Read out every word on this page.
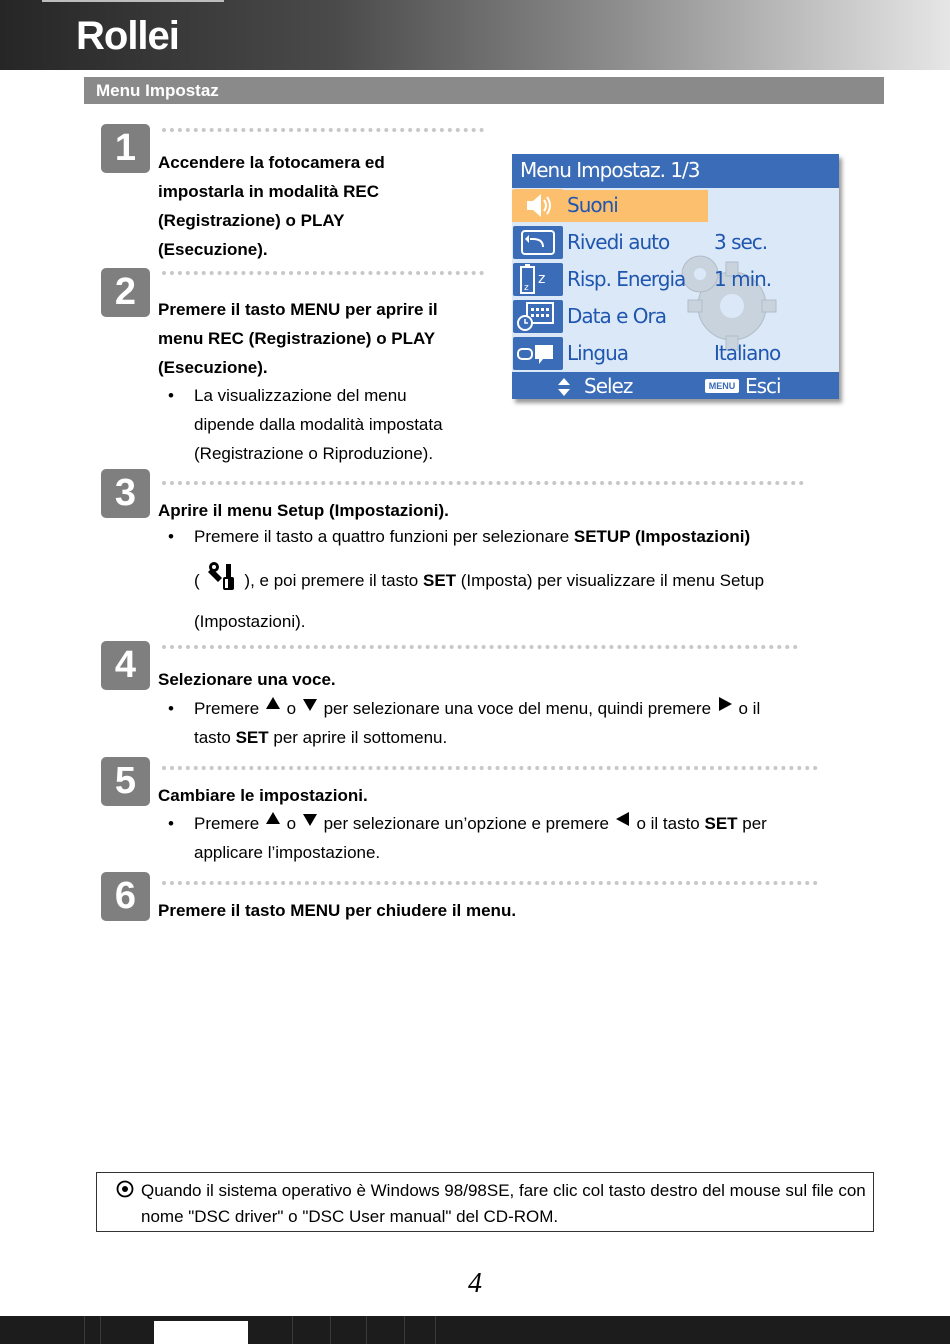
Rollei
Menu Impostaz
1	Accendere la fotocamera ed
impostarla in modalità REC
(Registrazione) o PLAY
(Esecuzione).
2	Premere il tasto MENU per aprire il
menu REC (Registrazione) o PLAY
(Esecuzione).
• La visualizzazione del menu
dipende dalla modalità impostata
(Registrazione o Riproduzione).
Menu Impostaz. 1/3
Suoni
Rivedi auto 3 sec.
z
z Risp. Energia 1 min.
Data e Ora
Lingua	Italiano
Selez	MENU Esci
3	Aprire il menu Setup (Impostazioni).
• Premere il tasto a quattro funzioni per selezionare SETUP (Impostazioni)
(	), e poi premere il tasto SET (Imposta) per visualizzare il menu Setup
(Impostazioni).
4	Selezionare una voce.
• Premere  o  per selezionare una voce del menu, quindi premere  o il
tasto SET per aprire il sottomenu.
5	Cambiare le impostazioni.
• Premere  o  per selezionare un’opzione e premere  o il tasto SET per
applicare l’impostazione.
6	Premere il tasto MENU per chiudere il menu.
Quando il sistema operativo è Windows 98/98SE, fare clic col tasto destro del mouse sul file con nome "DSC driver" o "DSC User manual" del CD-ROM.
4
